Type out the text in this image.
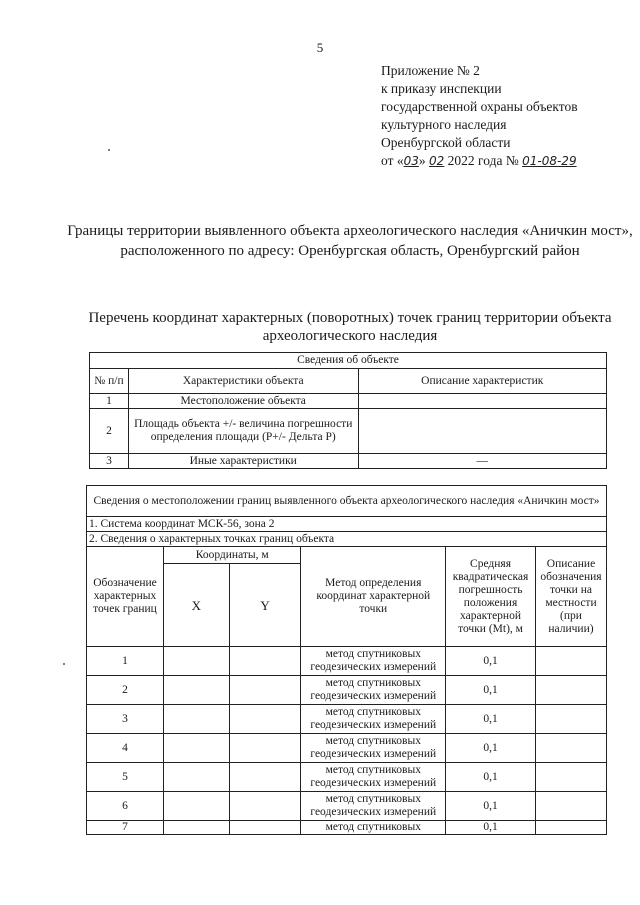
5
Приложение № 2
к приказу инспекции
государственной охраны объектов
культурного наследия
Оренбургской области
от «03» 02 2022 года № 01-08-29
Границы территории выявленного объекта археологического наследия «Аничкин мост», расположенного по адресу: Оренбургская область, Оренбургский район
Перечень координат характерных (поворотных) точек границ территории объекта археологического наследия
Сведения об объекте		
№ п/п	Характеристики объекта	Описание характеристик
1	Местоположение объекта	
2	Площадь объекта +/- величина погрешности определения площади (P+/- Дельта P)	
3	Иные характеристики	—
Сведения о местоположении границ выявленного объекта археологического наследия «Аничкин мост»					
1. Система координат МСК-56, зона 2					
2. Сведения о характерных точках границ объекта					
Обозначение характерных точек границ	Координаты, м		Метод определения координат характерной точки	Средняя квадратическая погрешность положения характерной точки (Mt), м	Описание обозначения точки на местности (при наличии)
	X	Y			
1			метод спутниковых геодезических измерений	0,1	
2			метод спутниковых геодезических измерений	0,1	
3			метод спутниковых геодезических измерений	0,1	
4			метод спутниковых геодезических измерений	0,1	
5			метод спутниковых геодезических измерений	0,1	
6			метод спутниковых геодезических измерений	0,1	
7			метод спутниковых	0,1	
